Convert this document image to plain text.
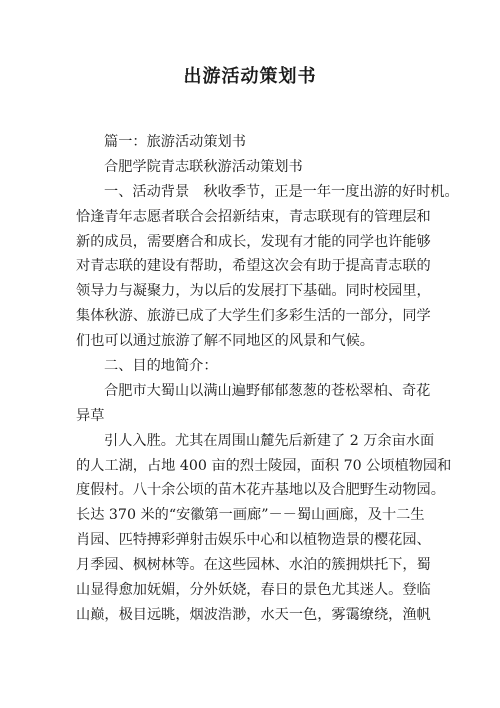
出游活动策划书
篇一：旅游活动策划书
合肥学院青志联秋游活动策划书
一、活动背景　秋收季节，正是一年一度出游的好时机。
恰逢青年志愿者联合会招新结束，青志联现有的管理层和
新的成员，需要磨合和成长，发现有才能的同学也许能够
对青志联的建设有帮助，希望这次会有助于提高青志联的
领导力与凝聚力，为以后的发展打下基础。同时校园里，
集体秋游、旅游已成了大学生们多彩生活的一部分，同学
们也可以通过旅游了解不同地区的风景和气候。
二、目的地简介：
合肥市大蜀山以满山遍野郁郁葱葱的苍松翠柏、奇花
异草
引人入胜。尤其在周围山麓先后新建了 2 万余亩水面
的人工湖，占地 400 亩的烈士陵园，面积 70 公顷植物园和
度假村。八十余公顷的苗木花卉基地以及合肥野生动物园。
长达 370 米的“安徽第一画廊”－－蜀山画廊，及十二生
肖园、匹特搏彩弹射击娱乐中心和以植物造景的樱花园、
月季园、枫树林等。在这些园林、水泊的簇拥烘托下，蜀
山显得愈加妩媚，分外妖娆，春日的景色尤其迷人。登临
山巅，极目远眺，烟波浩渺，水天一色，雾霭缭绕，渔帆
